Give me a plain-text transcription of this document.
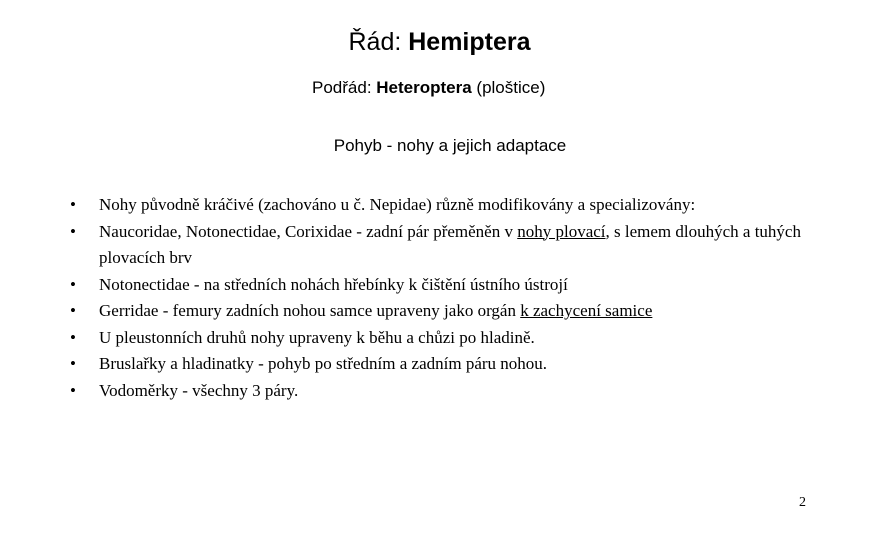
Řád: Hemiptera
Podřád: Heteroptera (ploštice)
Pohyb - nohy a jejich adaptace
• Nohy původně kráčivé (zachováno u č. Nepidae) různě modifikovány a specializovány:
• Naucoridae, Notonectidae, Corixidae - zadní pár přeměněn v nohy plovací, s lemem dlouhých a tuhých plovacích brv
• Notonectidae - na středních nohách hřebínky k čištění ústního ústrojí
• Gerridae - femury zadních nohou samce upraveny jako orgán k zachycení samice
• U pleustonních druhů nohy upraveny k běhu a chůzi po hladině.
• Bruslařky a hladinatky - pohyb po středním a zadním páru nohou.
• Vodoměrky - všechny 3 páry.
2
